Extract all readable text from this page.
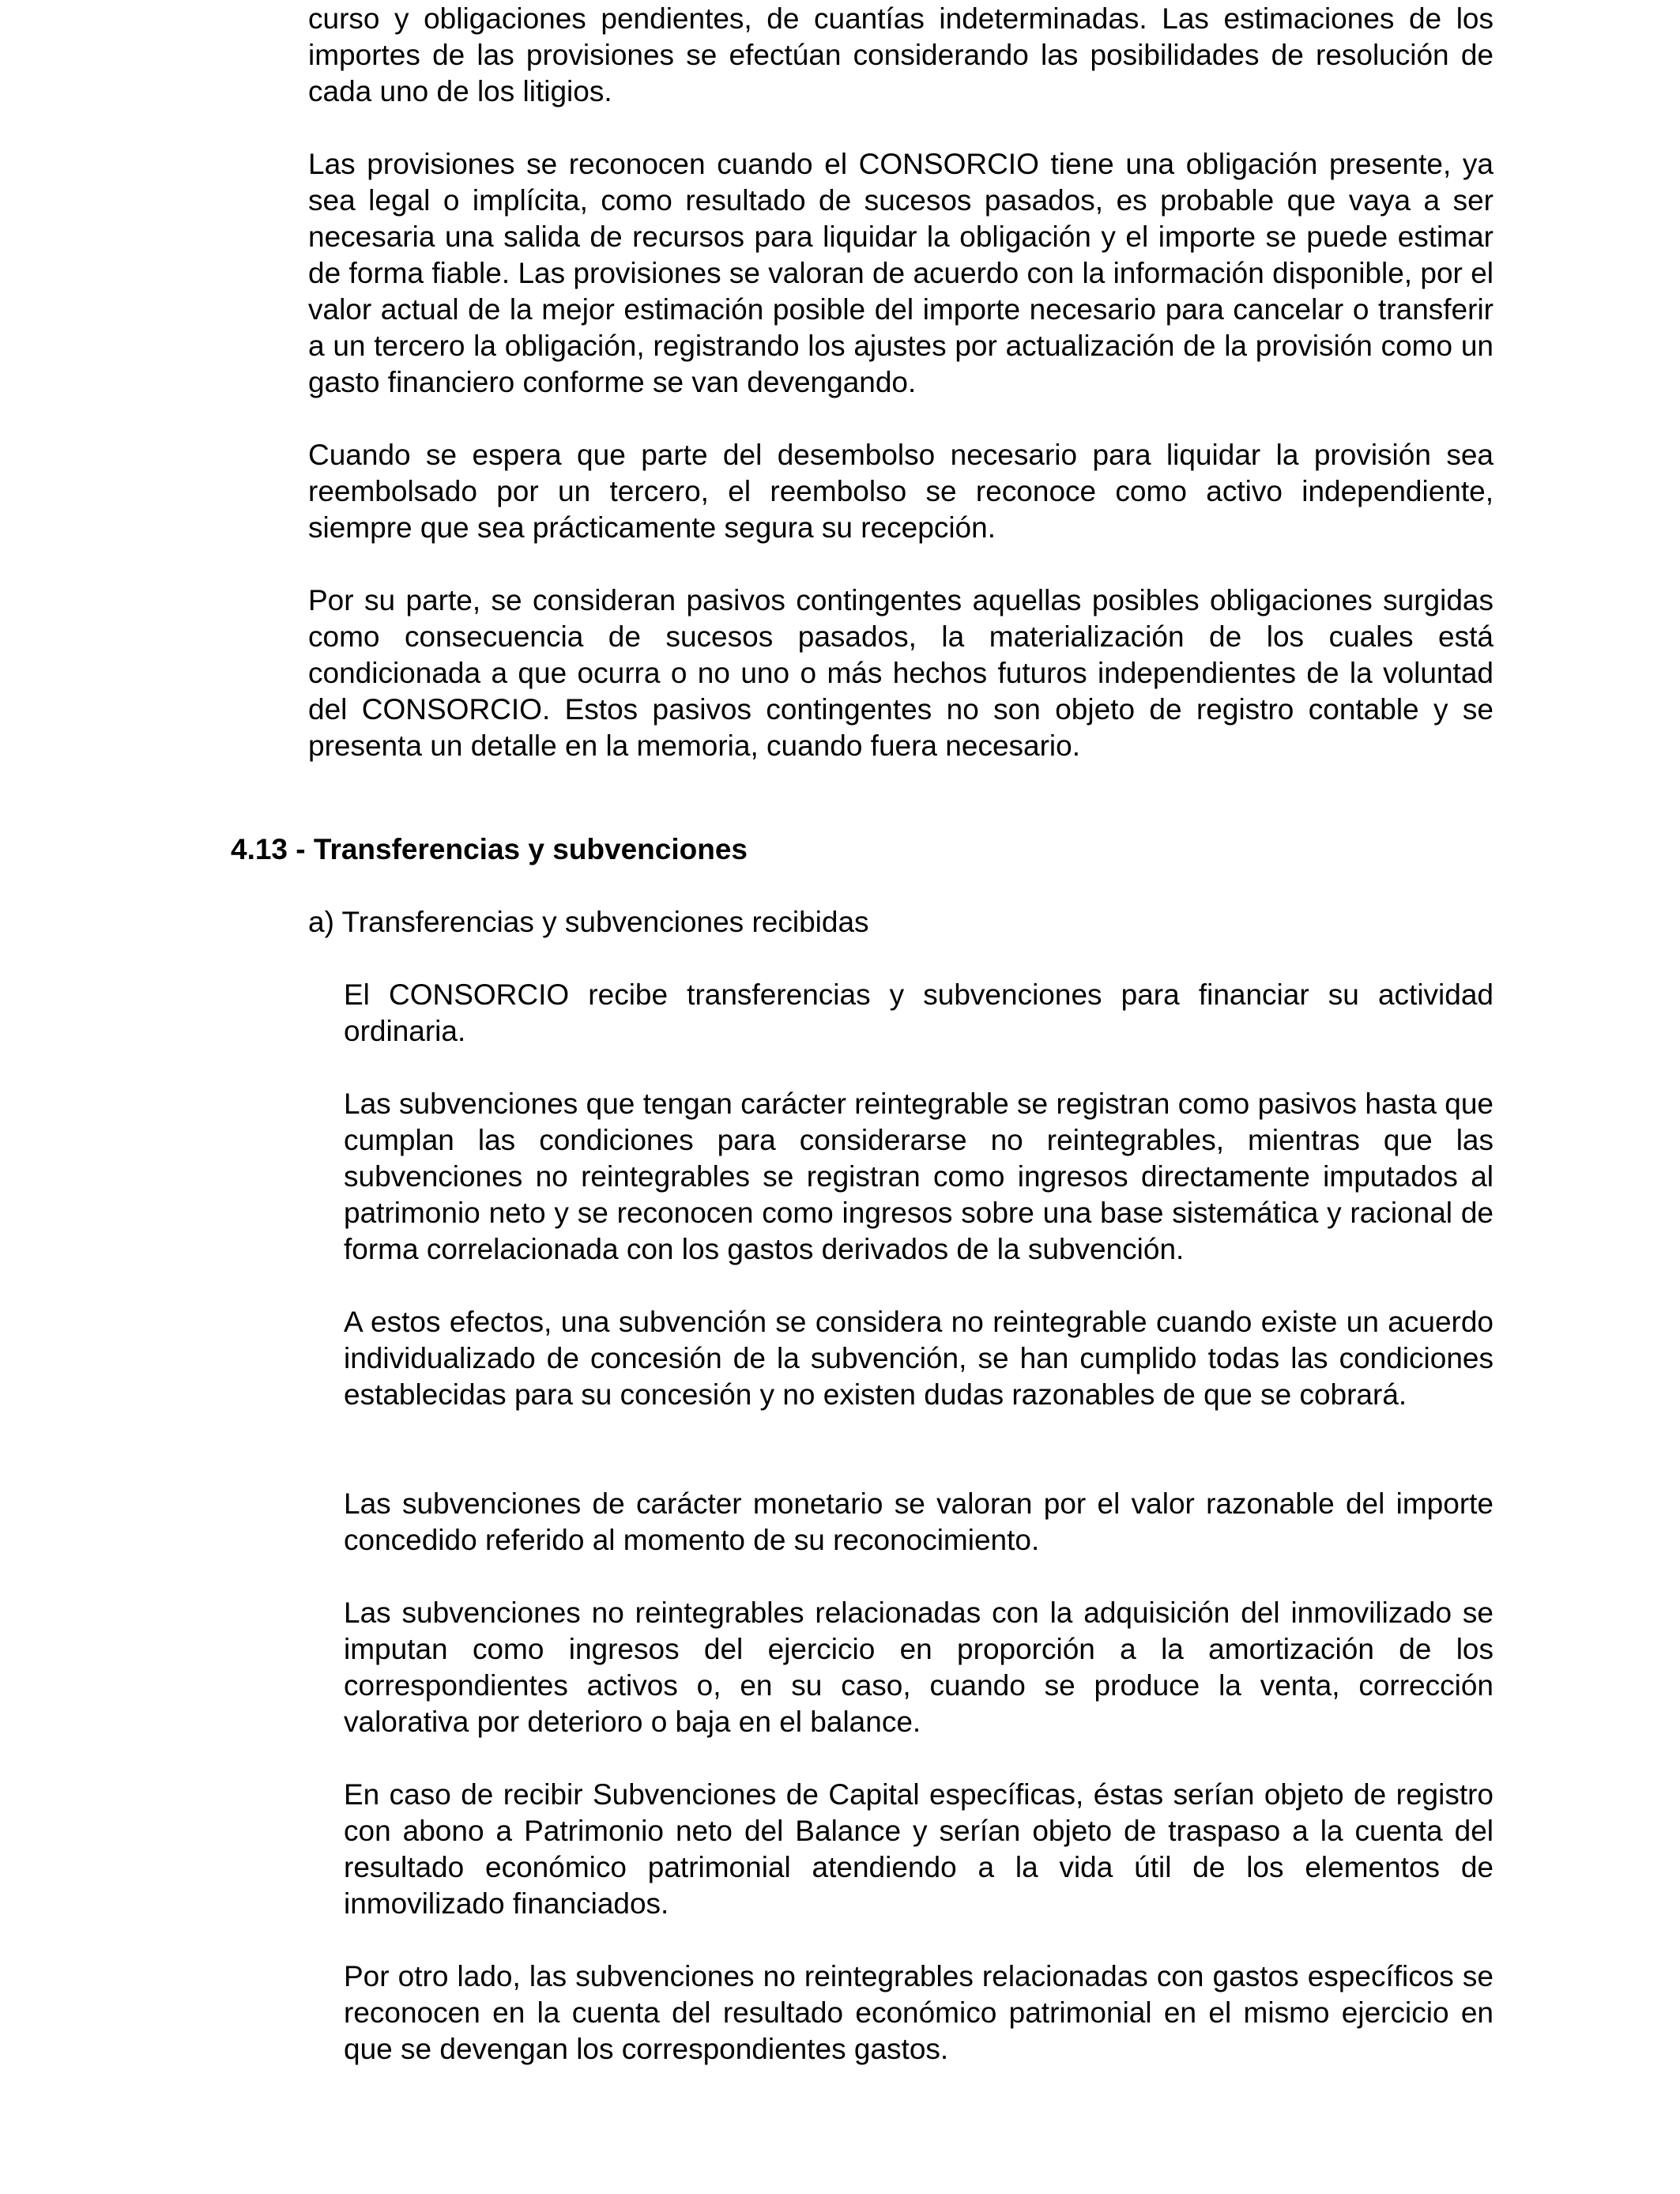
curso y obligaciones pendientes, de cuantías indeterminadas. Las estimaciones de los importes de las provisiones se efectúan considerando las posibilidades de resolución de cada uno de los litigios.

Las provisiones se reconocen cuando el CONSORCIO tiene una obligación presente, ya sea legal o implícita, como resultado de sucesos pasados, es probable que vaya a ser necesaria una salida de recursos para liquidar la obligación y el importe se puede estimar de forma fiable. Las provisiones se valoran de acuerdo con la información disponible, por el valor actual de la mejor estimación posible del importe necesario para cancelar o transferir a un tercero la obligación, registrando los ajustes por actualización de la provisión como un gasto financiero conforme se van devengando.

Cuando se espera que parte del desembolso necesario para liquidar la provisión sea reembolsado por un tercero, el reembolso se reconoce como activo independiente, siempre que sea prácticamente segura su recepción.

Por su parte, se consideran pasivos contingentes aquellas posibles obligaciones surgidas como consecuencia de sucesos pasados, la materialización de los cuales está condicionada a que ocurra o no uno o más hechos futuros independientes de la voluntad del CONSORCIO. Estos pasivos contingentes no son objeto de registro contable y se presenta un detalle en la memoria, cuando fuera necesario.

4.13 - Transferencias y subvenciones

a) Transferencias y subvenciones recibidas

El CONSORCIO recibe transferencias y subvenciones para financiar su actividad ordinaria.

Las subvenciones que tengan carácter reintegrable se registran como pasivos hasta que cumplan las condiciones para considerarse no reintegrables, mientras que las subvenciones no reintegrables se registran como ingresos directamente imputados al patrimonio neto y se reconocen como ingresos sobre una base sistemática y racional de forma correlacionada con los gastos derivados de la subvención.

A estos efectos, una subvención se considera no reintegrable cuando existe un acuerdo individualizado de concesión de la subvención, se han cumplido todas las condiciones establecidas para su concesión y no existen dudas razonables de que se cobrará.

Las subvenciones de carácter monetario se valoran por el valor razonable del importe concedido referido al momento de su reconocimiento.

Las subvenciones no reintegrables relacionadas con la adquisición del inmovilizado se imputan como ingresos del ejercicio en proporción a la amortización de los correspondientes activos o, en su caso, cuando se produce la venta, corrección valorativa por deterioro o baja en el balance.

En caso de recibir Subvenciones de Capital específicas, éstas serían objeto de registro con abono a Patrimonio neto del Balance y serían objeto de traspaso a la cuenta del resultado económico patrimonial atendiendo a la vida útil de los elementos de inmovilizado financiados.

Por otro lado, las subvenciones no reintegrables relacionadas con gastos específicos se reconocen en la cuenta del resultado económico patrimonial en el mismo ejercicio en que se devengan los correspondientes gastos.
